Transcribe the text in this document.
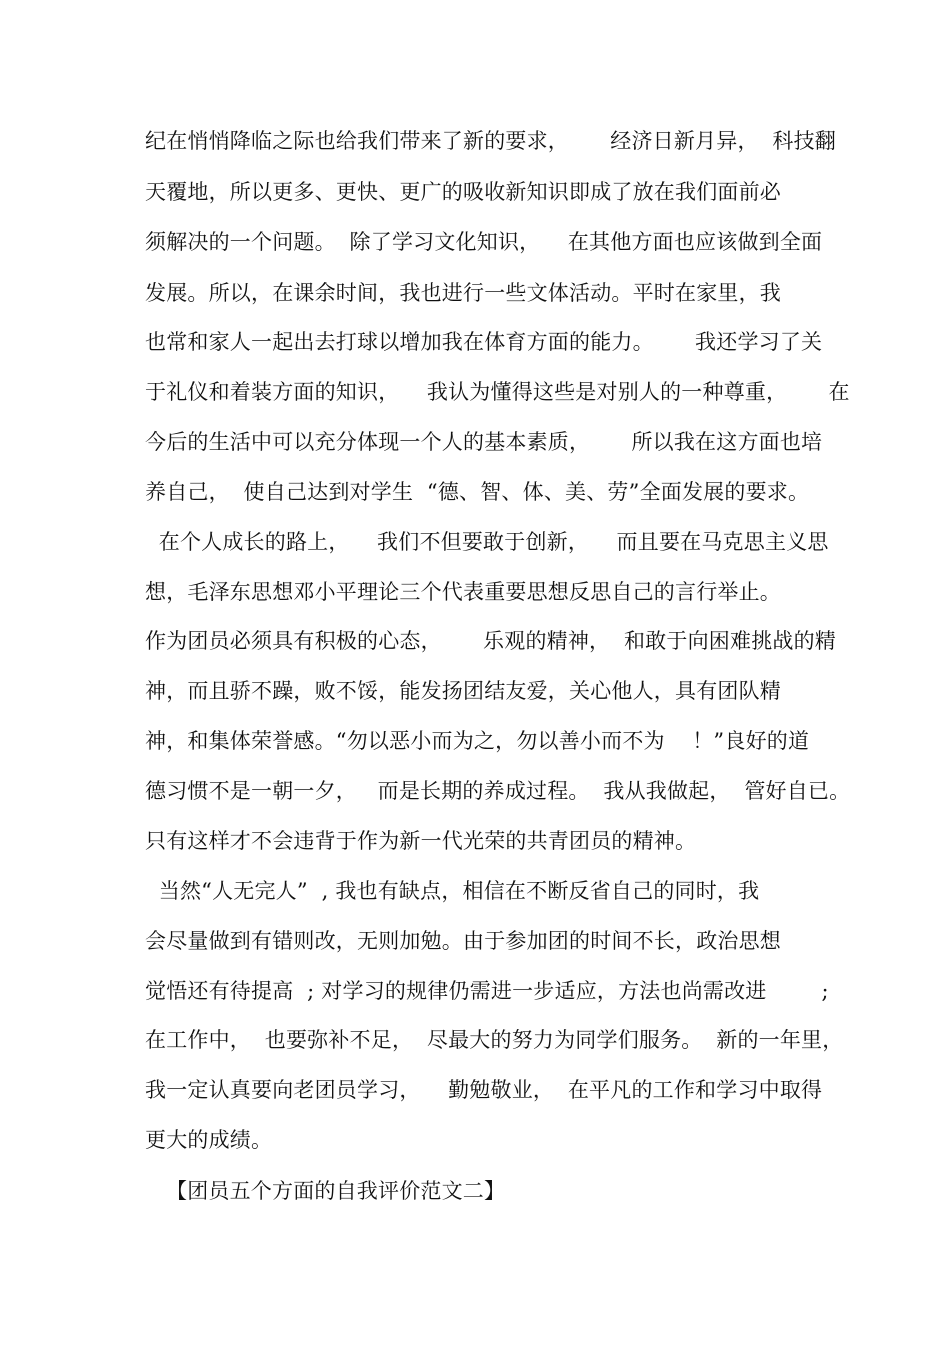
纪在悄悄降临之际也给我们带来了新的要求，      经济日新月异，  科技翻
天覆地，所以更多、更快、更广的吸收新知识即成了放在我们面前必
须解决的一个问题。  除了学习文化知识，    在其他方面也应该做到全面
发展。所以，在课余时间，我也进行一些文体活动。平时在家里，我
也常和家人一起出去打球以增加我在体育方面的能力。      我还学习了关
于礼仪和着装方面的知识，    我认为懂得这些是对别人的一种尊重，      在
今后的生活中可以充分体现一个人的基本素质，      所以我在这方面也培
养自己，  使自己达到对学生  “德、智、体、美、劳”全面发展的要求。
在个人成长的路上，    我们不但要敢于创新，    而且要在马克思主义思
想，毛泽东思想邓小平理论三个代表重要思想反思自己的言行举止。
作为团员必须具有积极的心态，      乐观的精神，  和敢于向困难挑战的精
神，而且骄不躁，败不馁，能发扬团结友爱，关心他人，具有团队精
神，和集体荣誉感。“勿以恶小而为之，勿以善小而不为    ！”良好的道
德习惯不是一朝一夕，   而是长期的养成过程。  我从我做起，  管好自已。
只有这样才不会违背于作为新一代光荣的共青团员的精神。
当然“人无完人”  , 我也有缺点，相信在不断反省自己的同时，我
会尽量做到有错则改，无则加勉。由于参加团的时间不长，政治思想
觉悟还有待提高  ; 对学习的规律仍需进一步适应，方法也尚需改进        ;
在工作中，  也要弥补不足，  尽最大的努力为同学们服务。  新的一年里，
我一定认真要向老团员学习，    勤勉敬业，  在平凡的工作和学习中取得
更大的成绩。
【团员五个方面的自我评价范文二】
